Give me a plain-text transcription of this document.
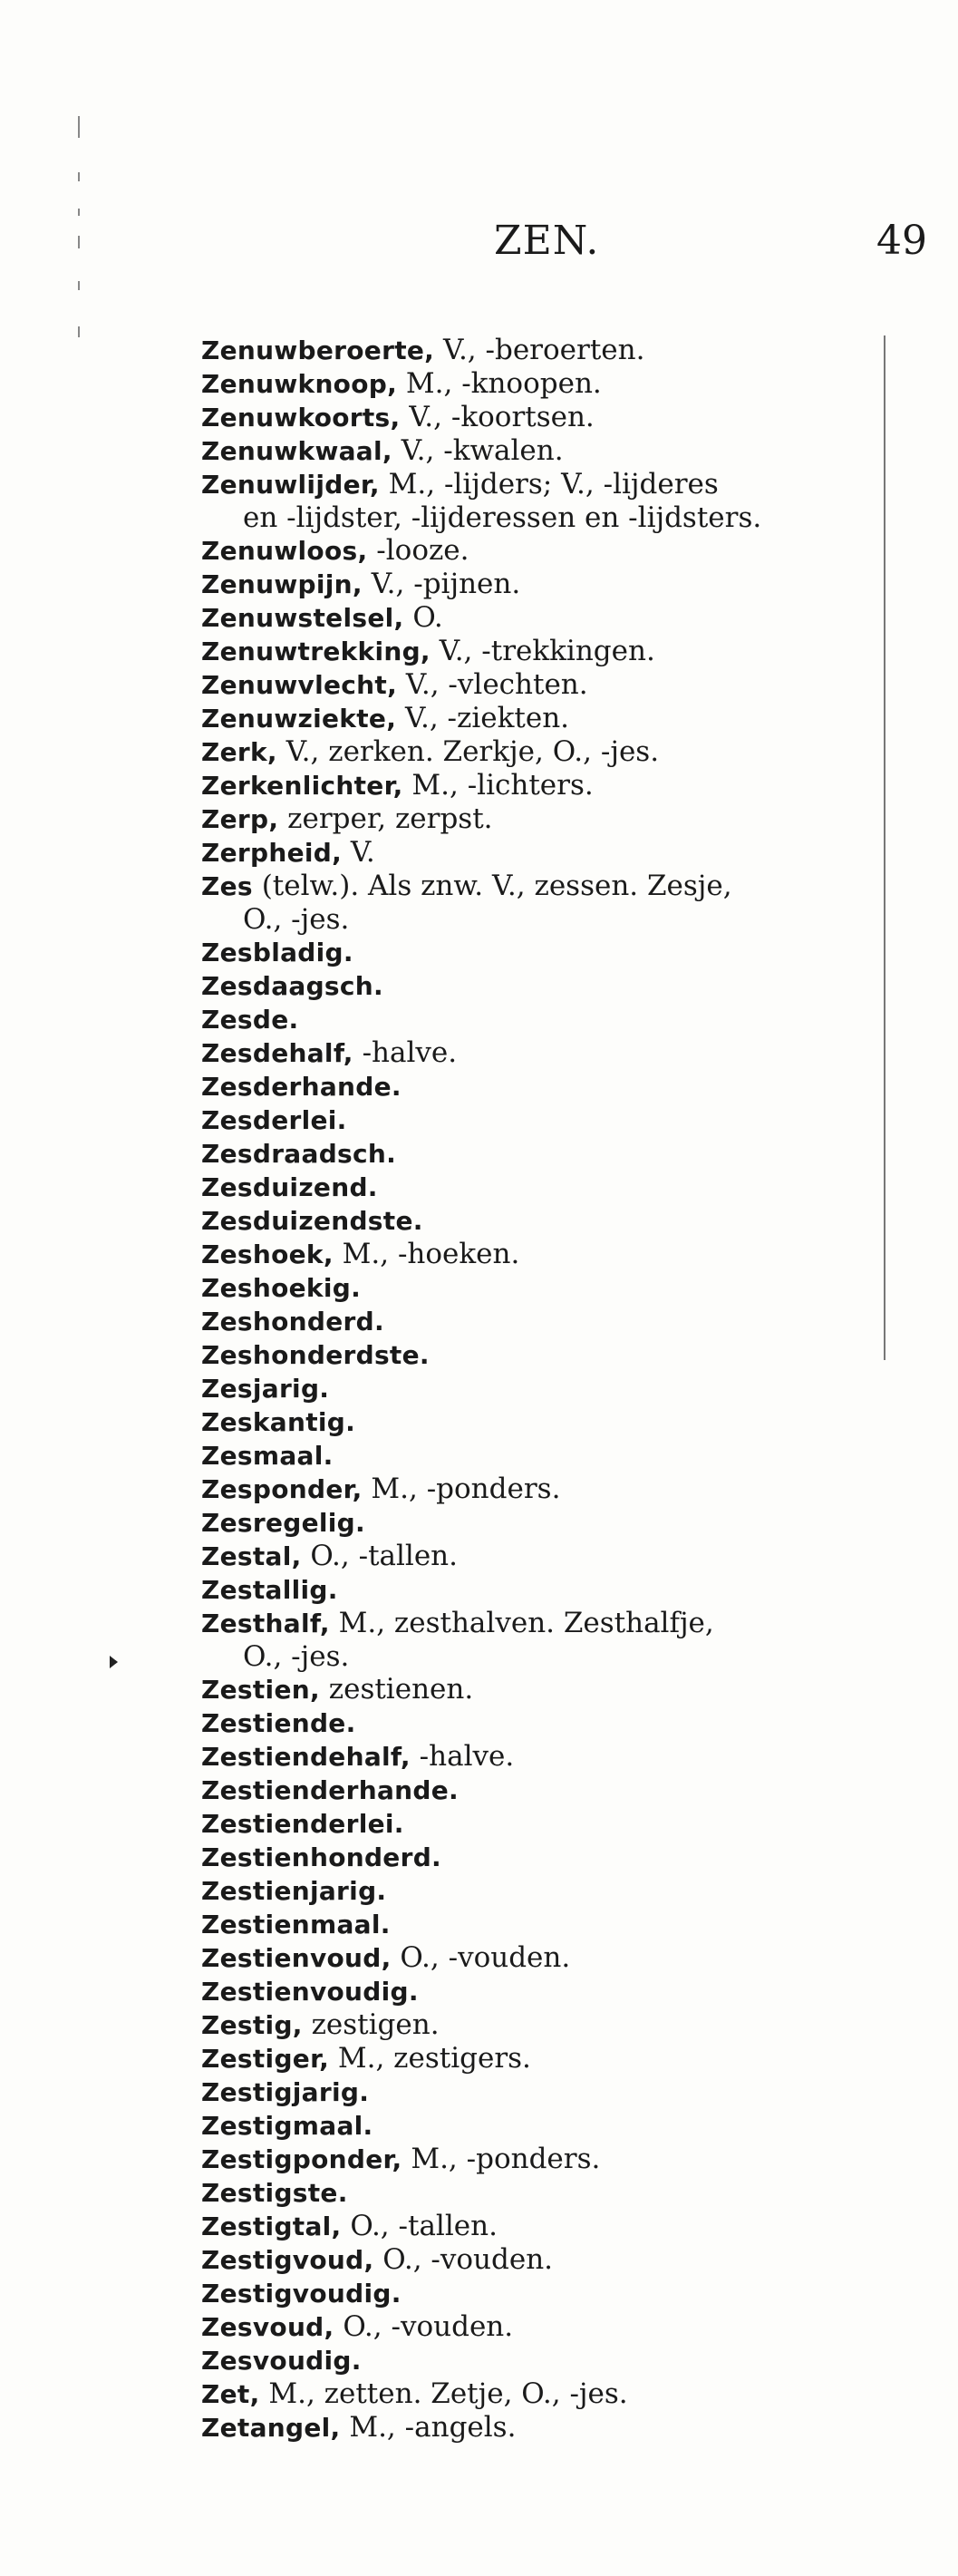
ZEN.	49
Zenuwberoerte, V., -beroerten.
Zenuwknoop, M., -knoopen.
Zenuwkoorts, V., -koortsen.
Zenuwkwaal, V., -kwalen.
Zenuwlijder, M., -lijders; V., -lijderes
en -lijdster, -lijderessen en -lijdsters.
Zenuwloos, -looze.
Zenuwpijn, V., -pijnen.
Zenuwstelsel, O.
Zenuwtrekking, V., -trekkingen.
Zenuwvlecht, V., -vlechten.
Zenuwziekte, V., -ziekten.
Zerk, V., zerken. Zerkje, O., -jes.
Zerkenlichter, M., -lichters.
Zerp, zerper, zerpst.
Zerpheid, V.
Zes (telw.). Als znw. V., zessen. Zesje,
O., -jes.
Zesbladig.
Zesdaagsch.
Zesde.
Zesdehalf, -halve.
Zesderhande.
Zesderlei.
Zesdraadsch.
Zesduizend.
Zesduizendste.
Zeshoek, M., -hoeken.
Zeshoekig.
Zeshonderd.
Zeshonderdste.
Zesjarig.
Zeskantig.
Zesmaal.
Zesponder, M., -ponders.
Zesregelig.
Zestal, O., -tallen.
Zestallig.
Zesthalf, M., zesthalven. Zesthalfje,
O., -jes.
Zestien, zestienen.
Zestiende.
Zestiendehalf, -halve.
Zestienderhande.
Zestienderlei.
Zestienhonderd.
Zestienjarig.
Zestienmaal.
Zestienvoud, O., -vouden.
Zestienvoudig.
Zestig, zestigen.
Zestiger, M., zestigers.
Zestigjarig.
Zestigmaal.
Zestigponder, M., -ponders.
Zestigste.
Zestigtal, O., -tallen.
Zestigvoud, O., -vouden.
Zestigvoudig.
Zesvoud, O., -vouden.
Zesvoudig.
Zet, M., zetten. Zetje, O., -jes.
Zetangel, M., -angels.
